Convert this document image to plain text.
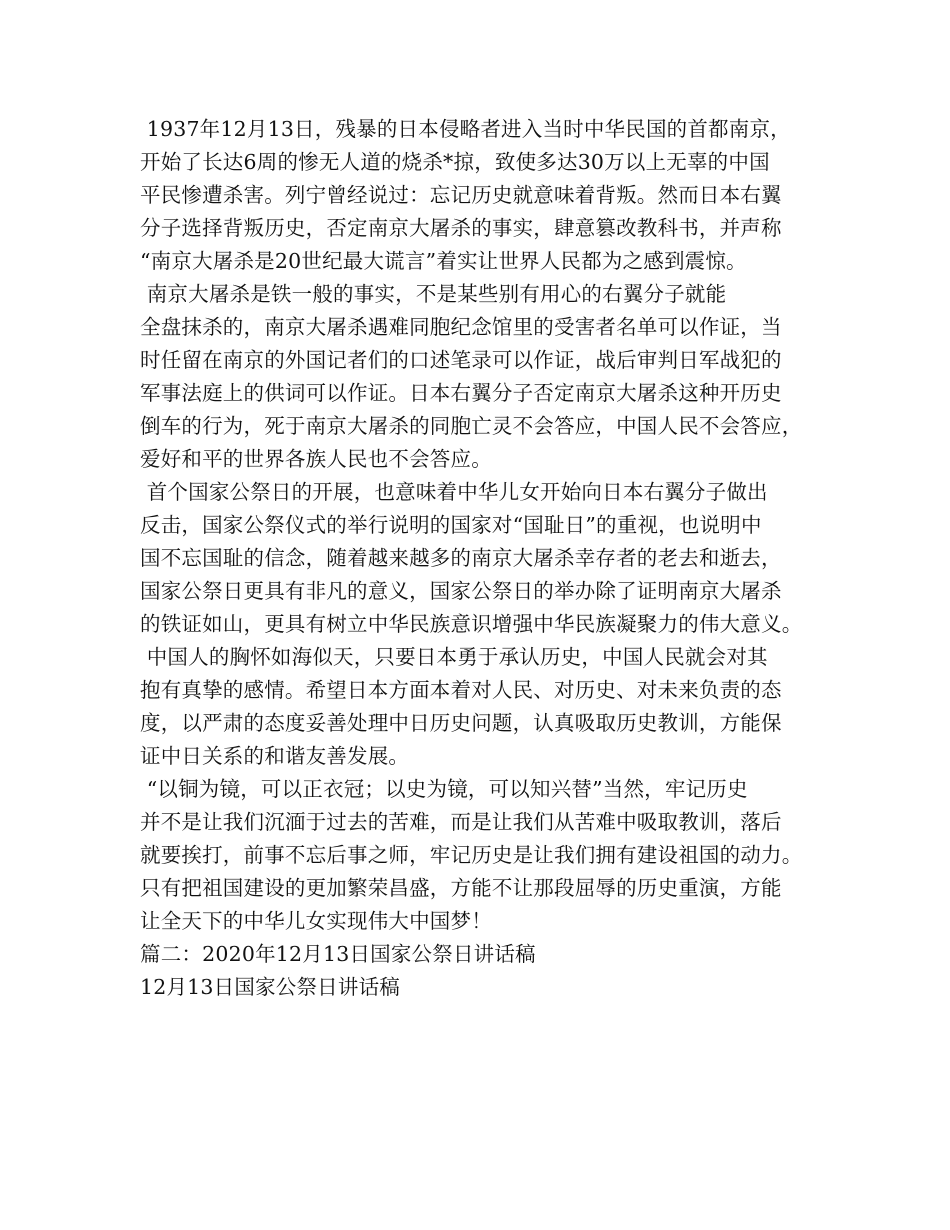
1937年12月13日，残暴的日本侵略者进入当时中华民国的首都南京，
开始了长达6周的惨无人道的烧杀*掠，致使多达30万以上无辜的中国
平民惨遭杀害。列宁曾经说过：忘记历史就意味着背叛。然而日本右翼
分子选择背叛历史，否定南京大屠杀的事实，肆意篡改教科书，并声称
“南京大屠杀是20世纪最大谎言”着实让世界人民都为之感到震惊。
南京大屠杀是铁一般的事实，不是某些别有用心的右翼分子就能
全盘抹杀的，南京大屠杀遇难同胞纪念馆里的受害者名单可以作证，当
时任留在南京的外国记者们的口述笔录可以作证，战后审判日军战犯的
军事法庭上的供词可以作证。日本右翼分子否定南京大屠杀这种开历史
倒车的行为，死于南京大屠杀的同胞亡灵不会答应，中国人民不会答应，
爱好和平的世界各族人民也不会答应。
首个国家公祭日的开展，也意味着中华儿女开始向日本右翼分子做出
反击，国家公祭仪式的举行说明的国家对“国耻日”的重视，也说明中
国不忘国耻的信念，随着越来越多的南京大屠杀幸存者的老去和逝去，
国家公祭日更具有非凡的意义，国家公祭日的举办除了证明南京大屠杀
的铁证如山，更具有树立中华民族意识增强中华民族凝聚力的伟大意义。
中国人的胸怀如海似天，只要日本勇于承认历史，中国人民就会对其
抱有真挚的感情。希望日本方面本着对人民、对历史、对未来负责的态
度，以严肃的态度妥善处理中日历史问题，认真吸取历史教训，方能保
证中日关系的和谐友善发展。
“以铜为镜，可以正衣冠；以史为镜，可以知兴替”当然，牢记历史
并不是让我们沉湎于过去的苦难，而是让我们从苦难中吸取教训，落后
就要挨打，前事不忘后事之师，牢记历史是让我们拥有建设祖国的动力。
只有把祖国建设的更加繁荣昌盛，方能不让那段屈辱的历史重演，方能
让全天下的中华儿女实现伟大中国梦！
篇二：2020年12月13日国家公祭日讲话稿
12月13日国家公祭日讲话稿
